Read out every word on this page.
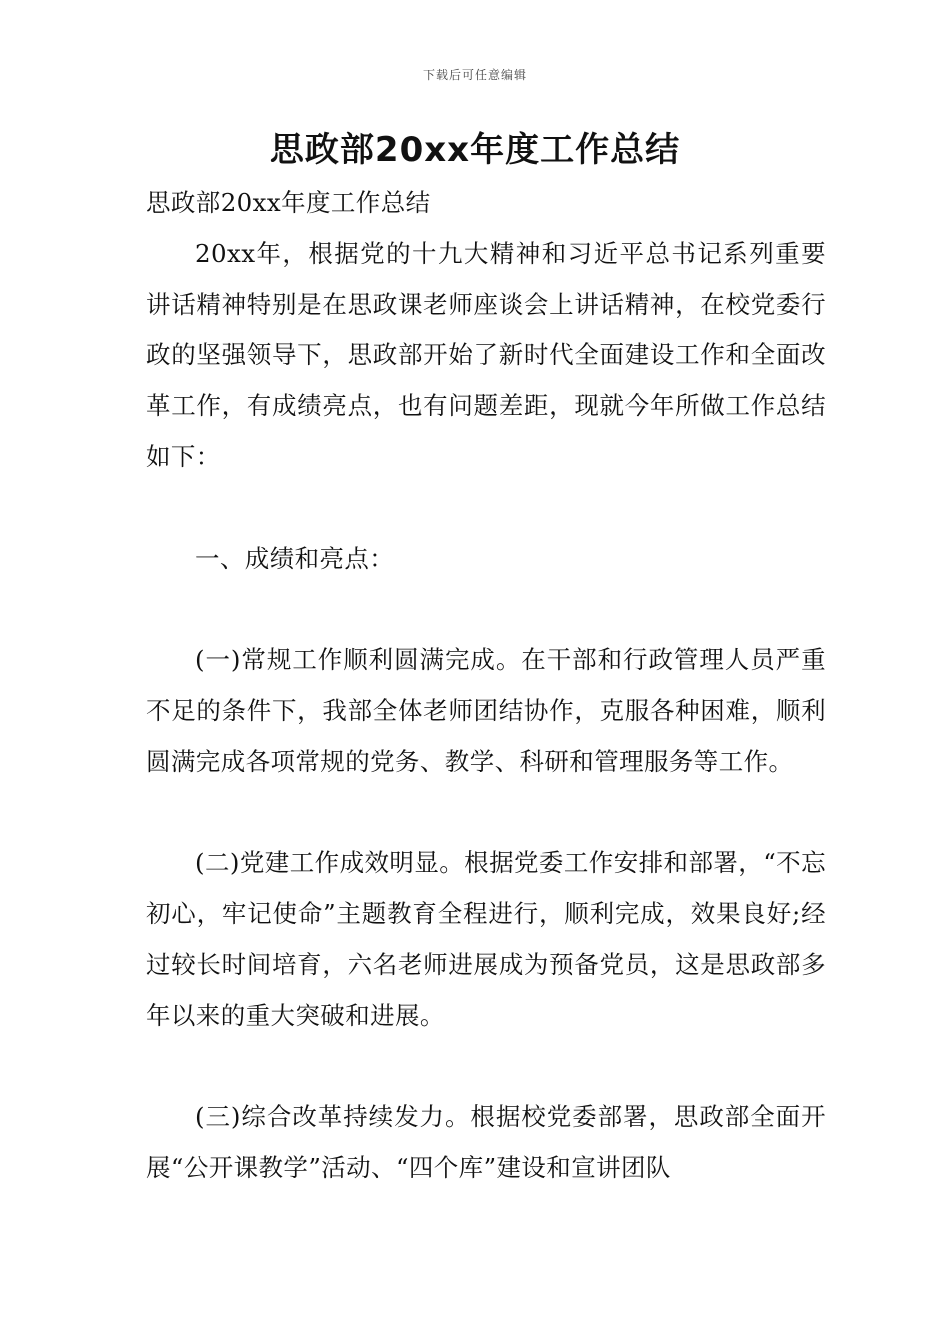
下载后可任意编辑
思政部20xx年度工作总结

思政部20xx年度工作总结

20xx年，根据党的十九大精神和习近平总书记系列重要讲话精神特别是在思政课老师座谈会上讲话精神，在校党委行政的坚强领导下，思政部开始了新时代全面建设工作和全面改革工作，有成绩亮点，也有问题差距，现就今年所做工作总结如下：

一、成绩和亮点：

(一)常规工作顺利圆满完成。在干部和行政管理人员严重不足的条件下，我部全体老师团结协作，克服各种困难，顺利圆满完成各项常规的党务、教学、科研和管理服务等工作。

(二)党建工作成效明显。根据党委工作安排和部署，“不忘初心，牢记使命”主题教育全程进行，顺利完成，效果良好;经过较长时间培育，六名老师进展成为预备党员，这是思政部多年以来的重大突破和进展。

(三)综合改革持续发力。根据校党委部署，思政部全面开展“公开课教学”活动、“四个库”建设和宣讲团队
